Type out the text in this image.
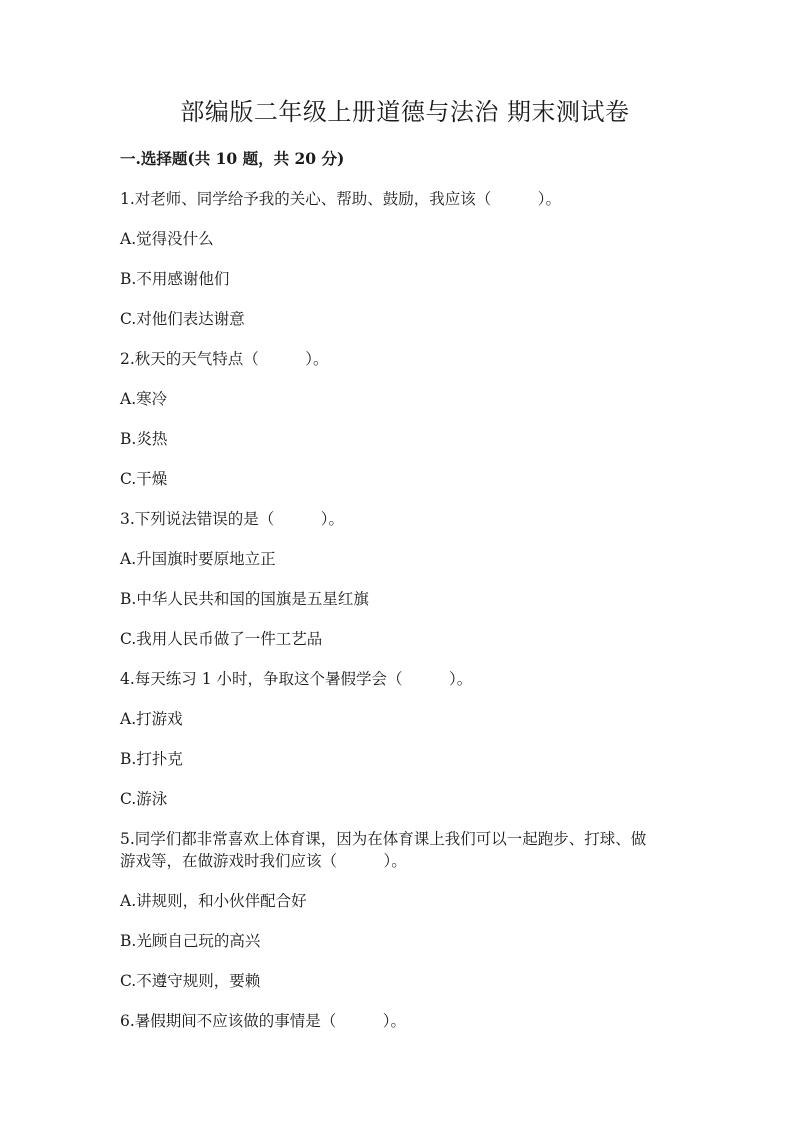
部编版二年级上册道德与法治 期末测试卷
一.选择题(共 10 题，共 20 分)
1.对老师、同学给予我的关心、帮助、鼓励，我应该（　　　）。
A.觉得没什么
B.不用感谢他们
C.对他们表达谢意
2.秋天的天气特点（　　　）。
A.寒冷
B.炎热
C.干燥
3.下列说法错误的是（　　　）。
A.升国旗时要原地立正
B.中华人民共和国的国旗是五星红旗
C.我用人民币做了一件工艺品
4.每天练习 1 小时，争取这个暑假学会（　　　）。
A.打游戏
B.打扑克
C.游泳
5.同学们都非常喜欢上体育课，因为在体育课上我们可以一起跑步、打球、做
游戏等，在做游戏时我们应该（　　　）。
A.讲规则，和小伙伴配合好
B.光顾自己玩的高兴
C.不遵守规则，要赖
6.暑假期间不应该做的事情是（　　　）。
